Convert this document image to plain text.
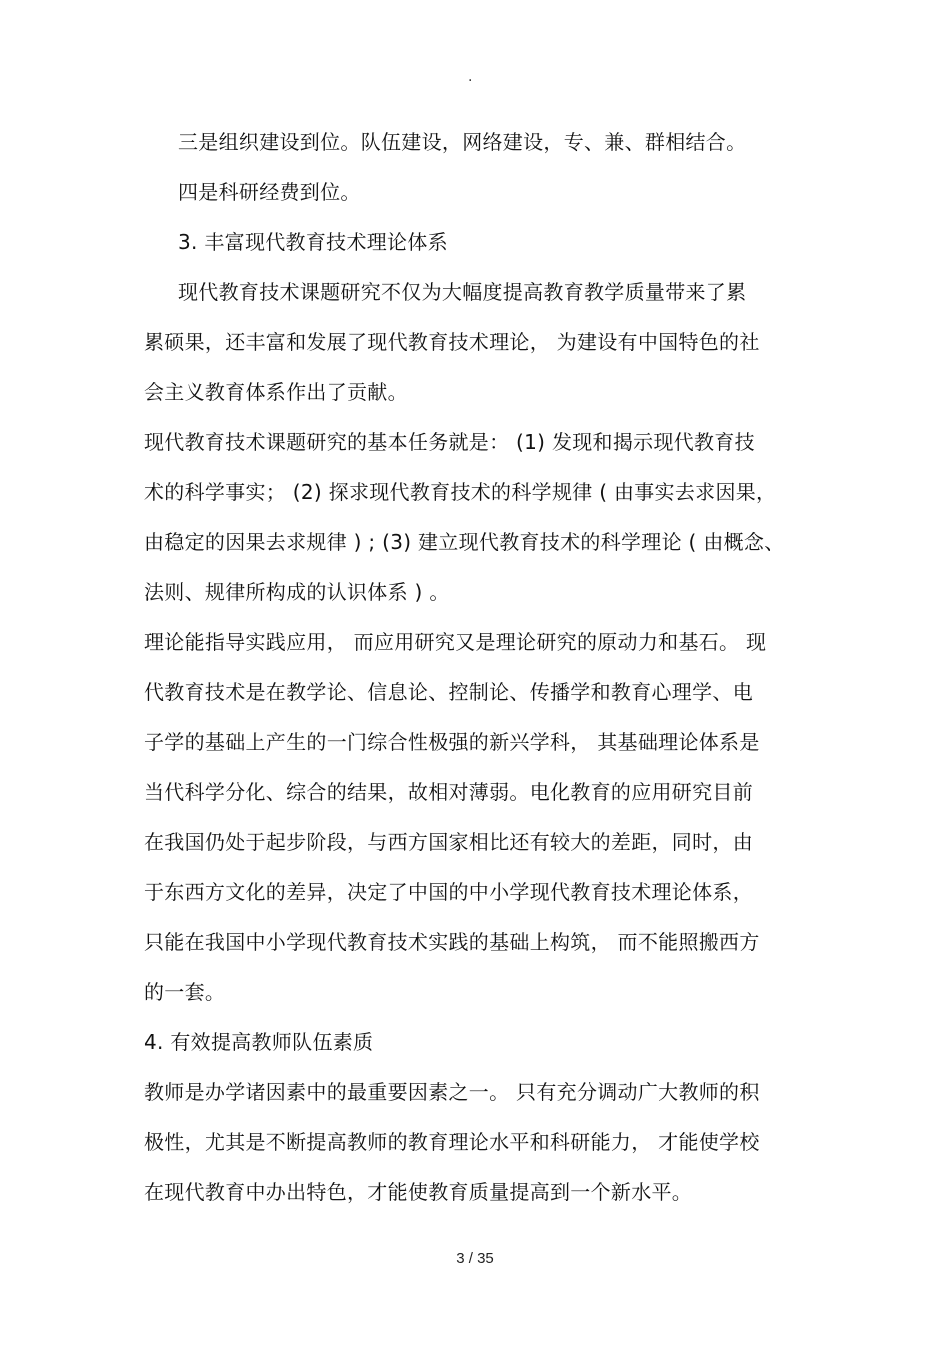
.
三是组织建设到位。队伍建设，网络建设，专、兼、群相结合。
四是科研经费到位。
3. 丰富现代教育技术理论体系
现代教育技术课题研究不仅为大幅度提高教育教学质量带来了累
累硕果，还丰富和发展了现代教育技术理论， 为建设有中国特色的社
会主义教育体系作出了贡献。
现代教育技术课题研究的基本任务就是： (1) 发现和揭示现代教育技
术的科学事实； (2) 探求现代教育技术的科学规律 ( 由事实去求因果，
由稳定的因果去求规律 ) ; (3) 建立现代教育技术的科学理论 ( 由概念、
法则、规律所构成的认识体系 ) 。
理论能指导实践应用， 而应用研究又是理论研究的原动力和基石。 现
代教育技术是在教学论、信息论、控制论、传播学和教育心理学、电
子学的基础上产生的一门综合性极强的新兴学科， 其基础理论体系是
当代科学分化、综合的结果，故相对薄弱。电化教育的应用研究目前
在我国仍处于起步阶段，与西方国家相比还有较大的差距，同时，由
于东西方文化的差异，决定了中国的中小学现代教育技术理论体系，
只能在我国中小学现代教育技术实践的基础上构筑， 而不能照搬西方
的一套。
4. 有效提高教师队伍素质
教师是办学诸因素中的最重要因素之一。 只有充分调动广大教师的积
极性，尤其是不断提高教师的教育理论水平和科研能力， 才能使学校
在现代教育中办出特色，才能使教育质量提高到一个新水平。
3 / 35
